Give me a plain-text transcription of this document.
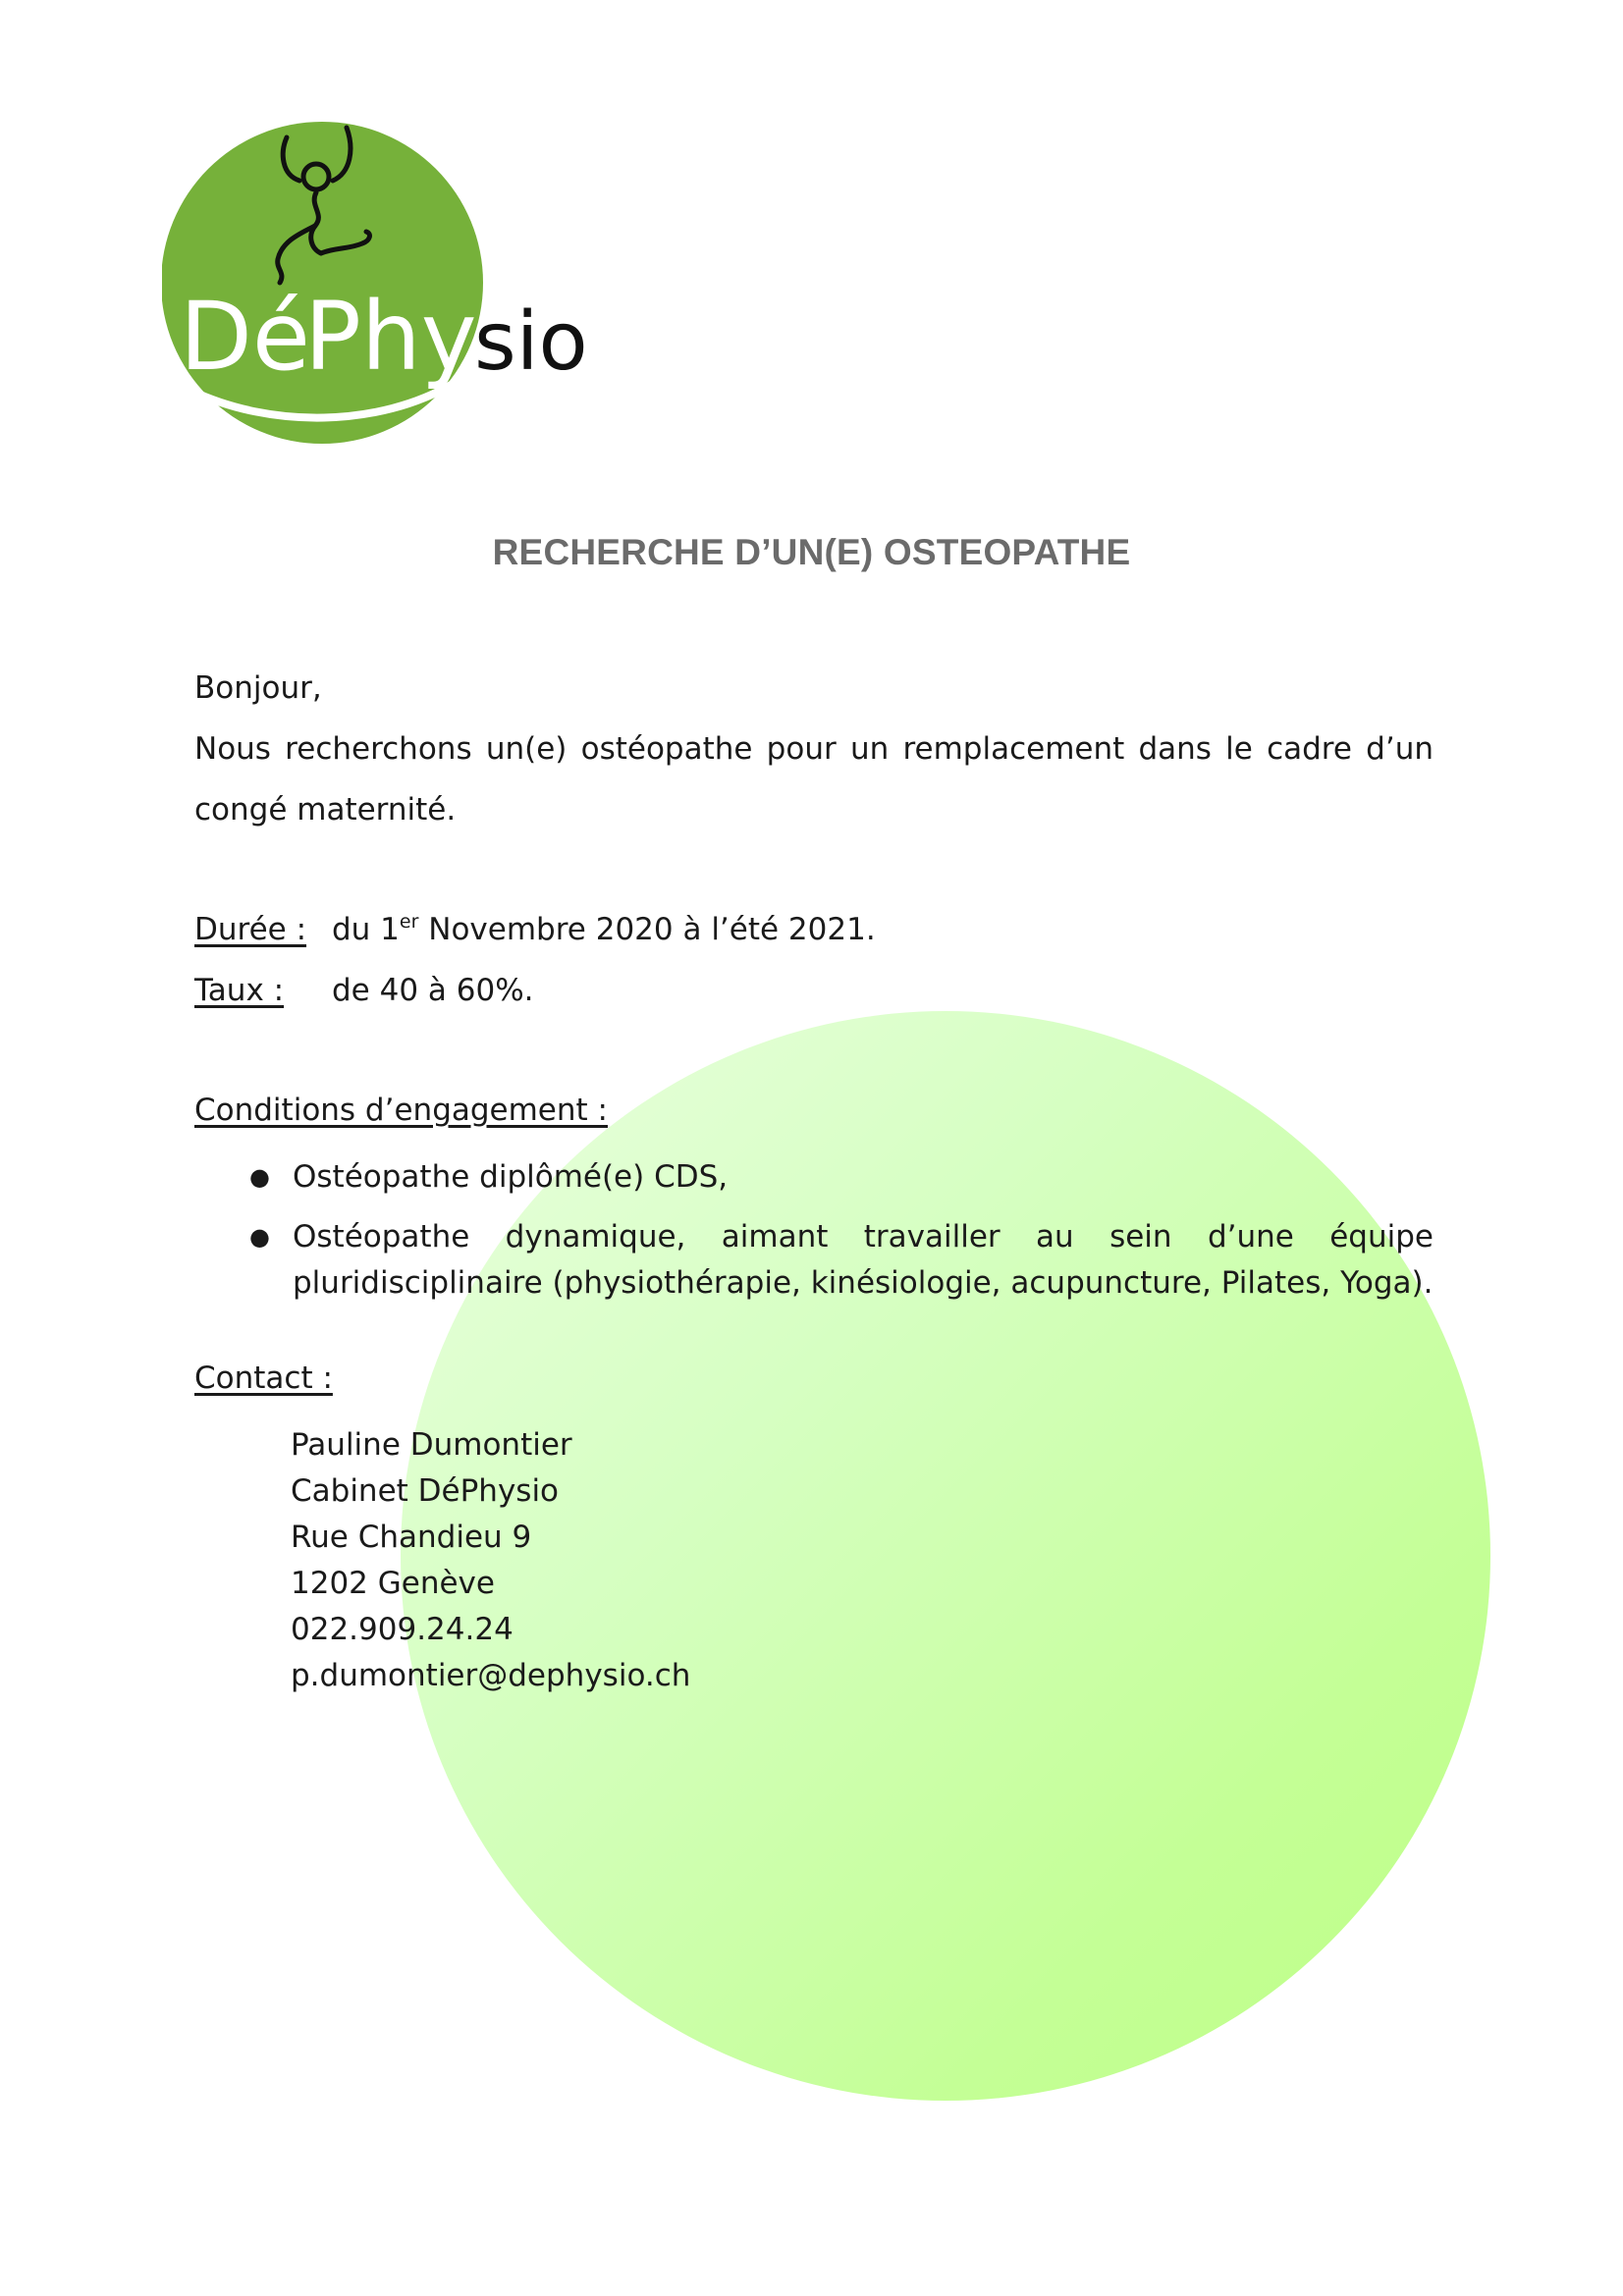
Dé
Phy
sio
RECHERCHE D’UN(E) OSTEOPATHE

Bonjour,

Nous recherchons un(e) ostéopathe pour un remplacement dans le cadre d’un congé maternité.

Durée : du 1er Novembre 2020 à l’été 2021.
Taux :	de 40 à 60%.
Conditions d’engagement :
● Ostéopathe diplômé(e) CDS,
● Ostéopathe dynamique, aimant travailler au sein d’une équipe pluridisciplinaire (physiothérapie, kinésiologie, acupuncture, Pilates, Yoga).
Contact :
Pauline Dumontier
Cabinet DéPhysio
Rue Chandieu 9
1202 Genève
022.909.24.24
p.dumontier@dephysio.ch
